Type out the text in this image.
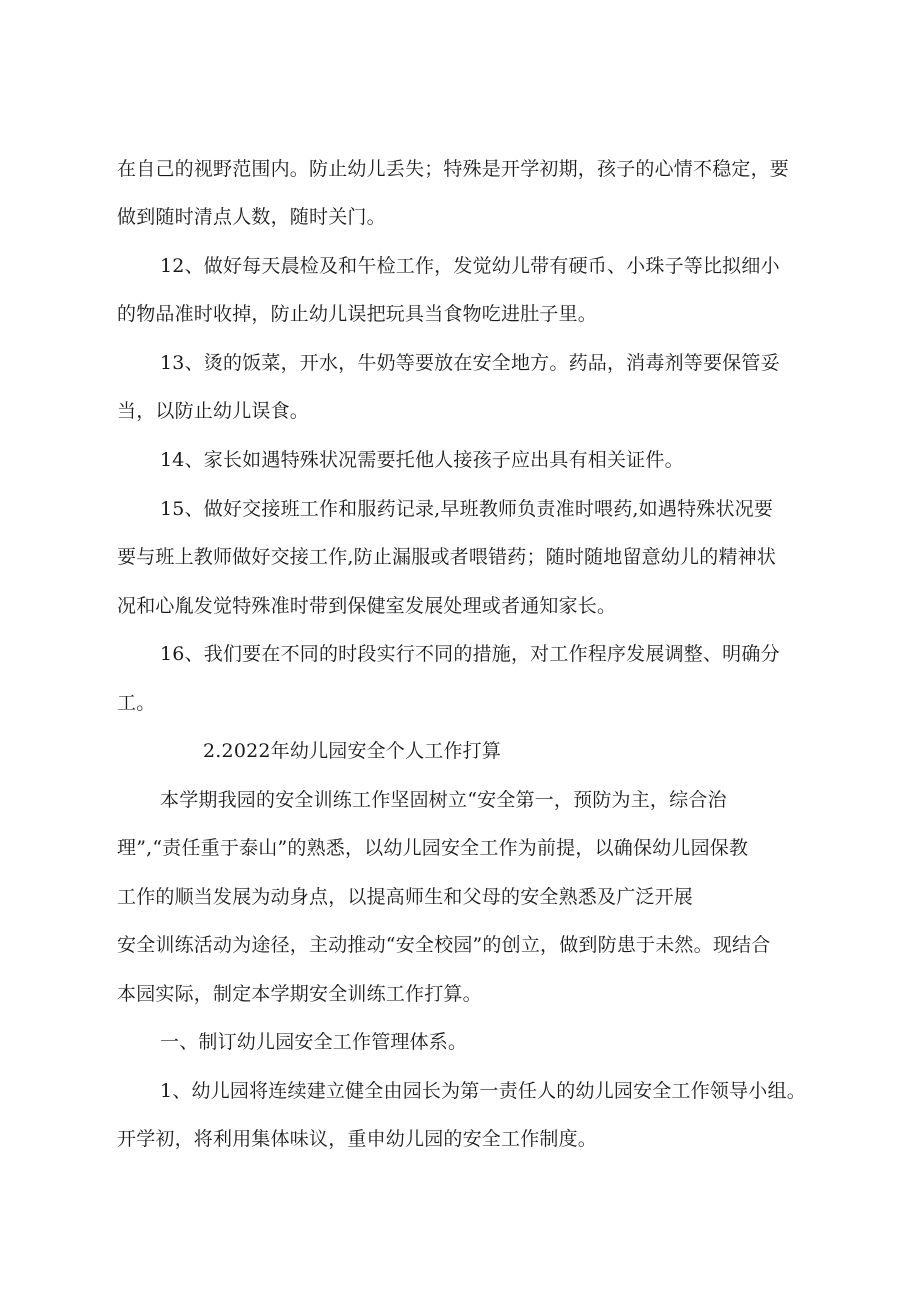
在自己的视野范围内。防止幼儿丢失；特殊是开学初期，孩子的心情不稳定，要

做到随时清点人数，随时关门。

12、做好每天晨检及和午检工作，发觉幼儿带有硬币、小珠子等比拟细小

的物品准时收掉，防止幼儿误把玩具当食物吃进肚子里。

13、烫的饭菜，开水，牛奶等要放在安全地方。药品，消毒剂等要保管妥

当，以防止幼儿误食。

14、家长如遇特殊状况需要托他人接孩子应出具有相关证件。

15、做好交接班工作和服药记录,早班教师负责准时喂药,如遇特殊状况要

要与班上教师做好交接工作,防止漏服或者喂错药；随时随地留意幼儿的精神状

况和心胤发觉特殊准时带到保健室发展处理或者通知家长。

16、我们要在不同的时段实行不同的措施，对工作程序发展调整、明确分

工。

2.2022年幼儿园安全个人工作打算

本学期我园的安全训练工作坚固树立“安全第一，预防为主，综合治

理”,“责任重于泰山”的熟悉，以幼儿园安全工作为前提，以确保幼儿园保教

工作的顺当发展为动身点，以提高师生和父母的安全熟悉及广泛开展

安全训练活动为途径，主动推动“安全校园”的创立，做到防患于未然。现结合

本园实际，制定本学期安全训练工作打算。

一、制订幼儿园安全工作管理体系。

1、幼儿园将连续建立健全由园长为第一责任人的幼儿园安全工作领导小组。

开学初，将利用集体味议，重申幼儿园的安全工作制度。
